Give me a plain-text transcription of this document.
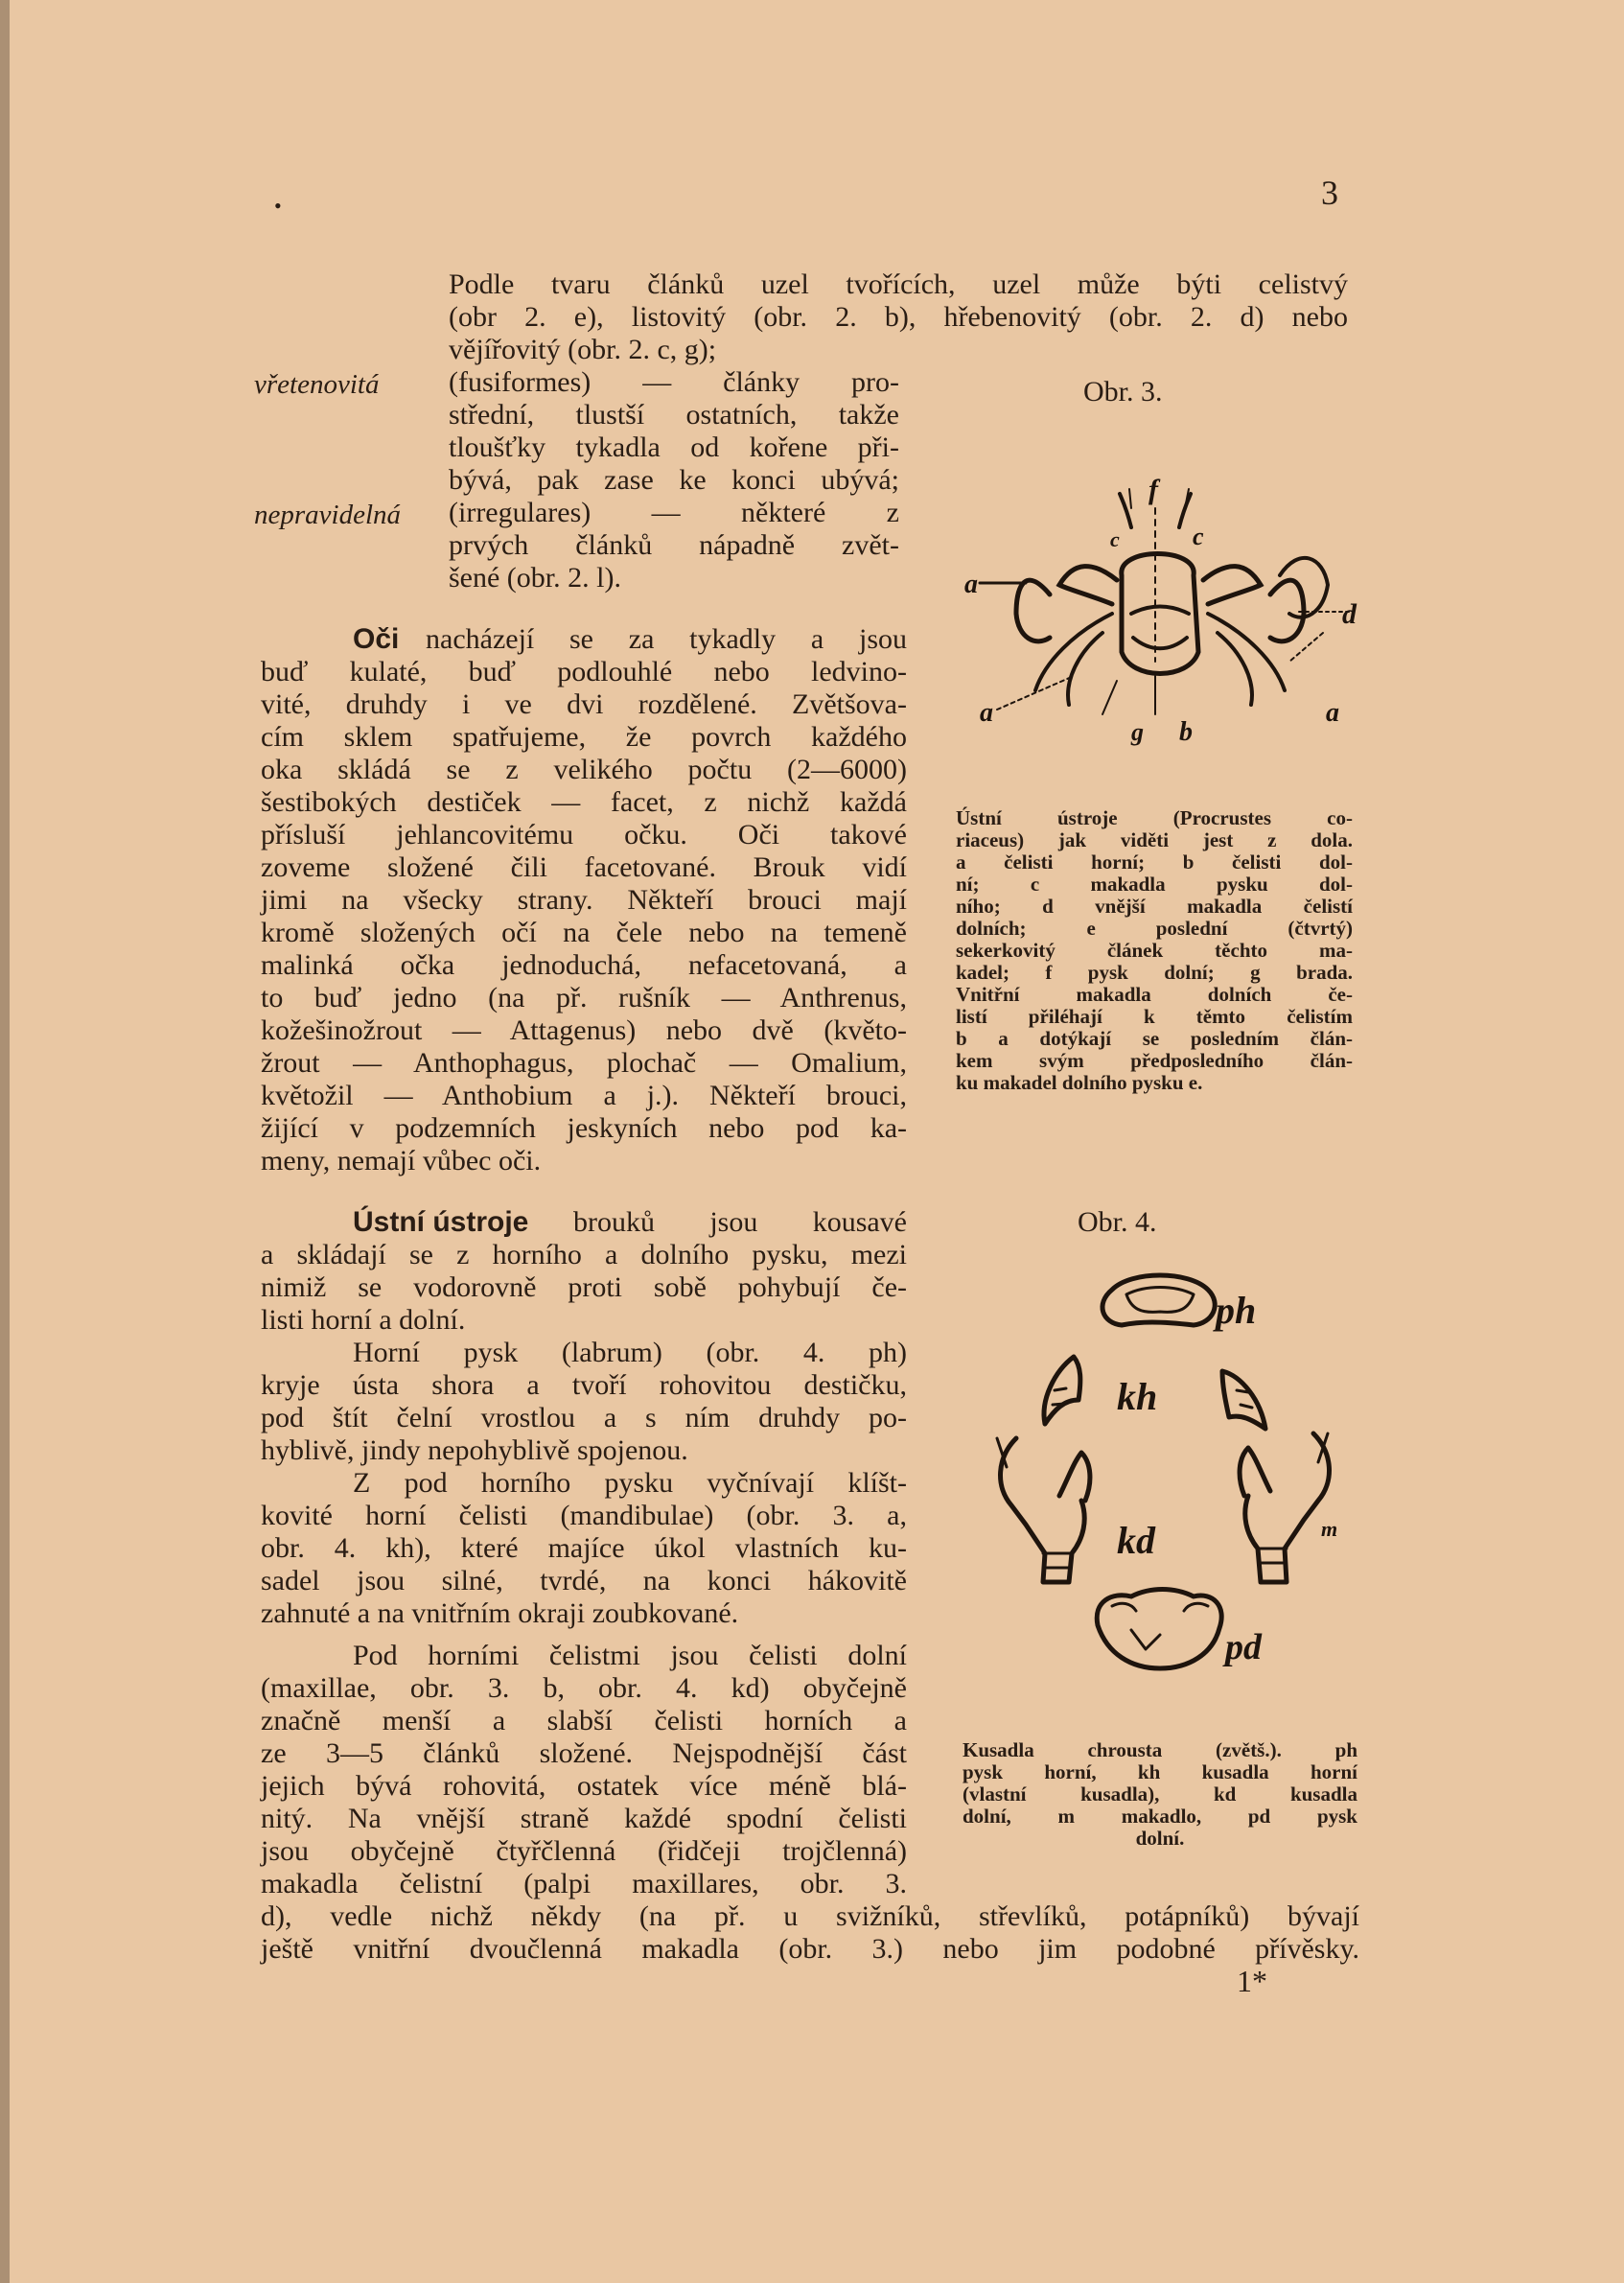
•	3
Podle tvaru článků uzel tvořících, uzel může býti celistvý
(obr 2. e), listovitý (obr. 2. b), hřebenovitý (obr. 2. d) nebo
vějířovitý (obr. 2. c, g);
vřetenovitá (fusiformes) — články pro-
střední, tlustší ostatních, takže
tloušťky tykadla od kořene při-
bývá, pak zase ke konci ubývá;
nepravidelná (irregulares) — některé z
prvých článků nápadně zvět-
šené (obr. 2. l).
Oči nacházejí se za tykadly a jsou
buď kulaté, buď podlouhlé nebo ledvino-
vité, druhdy i ve dvi rozdělené. Zvětšova-
cím sklem spatřujeme, že povrch každého
oka skládá se z velikého počtu (2—6000)
šestibokých destiček — facet, z nichž každá
přísluší jehlancovitému očku. Oči takové
zoveme složené čili facetované. Brouk vidí
jimi na všecky strany. Někteří brouci mají
kromě složených očí na čele nebo na temeně
malinká očka jednoduchá, nefacetovaná, a
to buď jedno (na př. rušník — Anthrenus,
kožešinožrout — Attagenus) nebo dvě (květo-
žrout — Anthophagus, plochač — Omalium,
květožil — Anthobium a j.). Někteří brouci,
žijící v podzemních jeskyních nebo pod ka-
meny, nemají vůbec oči.
Ústní ústroje brouků jsou kousavé
a skládají se z horního a dolního pysku, mezi
nimiž se vodorovně proti sobě pohybují če-
listi horní a dolní.
Horní pysk (labrum) (obr. 4. ph)
kryje ústa shora a tvoří rohovitou destičku,
pod štít čelní vrostlou a s ním druhdy po-
hyblivě, jindy nepohyblivě spojenou.
Z pod horního pysku vyčnívají klíšt-
kovité horní čelisti (mandibulae) (obr. 3. a,
obr. 4. kh), které majíce úkol vlastních ku-
sadel jsou silné, tvrdé, na konci hákovitě
zahnuté a na vnitřním okraji zoubkované.
Pod horními čelistmi jsou čelisti dolní
(maxillae, obr. 3. b, obr. 4. kd) obyčejně
značně menší a slabší čelisti horních a
ze 3—5 článků složené. Nejspodnější část
jejich bývá rohovitá, ostatek více méně blá-
nitý. Na vnější straně každé spodní čelisti
jsou obyčejně čtyřčlenná (řidčeji trojčlenná)
makadla čelistní (palpi maxillares, obr. 3.
d), vedle nichž někdy (na př. u svižníků, střevlíků, potápníků) bývají
ještě vnitřní dvoučlenná makadla (obr. 3.) nebo jim podobné přívěsky.
1*
Obr. 3.
f
c	c
a
d
a	a
g b
Ústní ústroje (Procrustes co-
riaceus) jak viděti jest z dola.
a čelisti horní; b čelisti dol-
ní; c makadla pysku dol-
ního; d vnější makadla čelistí
dolních; e poslední (čtvrtý)
sekerkovitý článek těchto ma-
kadel; f pysk dolní; g brada.
Vnitřní makadla dolních če-
listí přiléhají k těmto čelistím
b a dotýkají se posledním člán-
kem svým předposledního člán-
ku makadel dolního pysku e.
Obr. 4.
ph
kh
kd	m
pd
Kusadla chrousta (zvětš.). ph
pysk horní, kh kusadla horní
(vlastní kusadla), kd kusadla
dolní, m makadlo, pd pysk
dolní.
